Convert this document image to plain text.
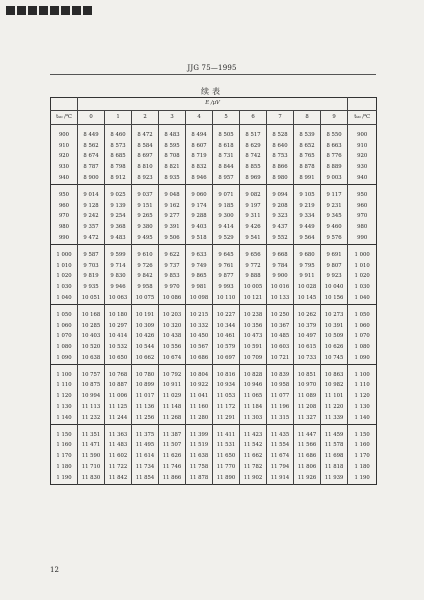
JJG 75—1995
续表
	E /μV										
t₉₀ /℃	0	1	2	3	4	5	6	7	8	9	t₉₀ /℃

900	8 449	8 460	8 472	8 483	8 494	8 505	8 517	8 528	8 539	8 550	900
910	8 562	8 573	8 584	8 595	8 607	8 618	8 629	8 640	8 652	8 663	910
920	8 674	8 685	8 697	8 708	8 719	8 731	8 742	8 753	8 765	8 776	920
930	8 787	8 798	8 810	8 821	8 832	8 844	8 855	8 866	8 878	8 889	930
940	8 900	8 912	8 923	8 935	8 946	8 957	8 969	8 980	8 991	9 003	940

950	9 014	9 025	9 037	9 048	9 060	9 071	9 082	9 094	9 105	9 117	950
960	9 128	9 139	9 151	9 162	9 174	9 185	9 197	9 208	9 219	9 231	960
970	9 242	9 254	9 265	9 277	9 288	9 300	9 311	9 323	9 334	9 345	970
980	9 357	9 368	9 380	9 391	9 403	9 414	9 426	9 437	9 449	9 460	980
990	9 472	9 483	9 495	9 506	9 518	9 529	9 541	9 552	9 564	9 576	990

1 000	9 587	9 599	9 610	9 622	9 633	9 645	9 656	9 668	9 680	9 691	1 000
1 010	9 703	9 714	9 726	9 737	9 749	9 761	9 772	9 784	9 795	9 807	1 010
1 020	9 819	9 830	9 842	9 853	9 865	9 877	9 888	9 900	9 911	9 923	1 020
1 030	9 935	9 946	9 958	9 970	9 981	9 993	10 005	10 016	10 028	10 040	1 030
1 040	10 051	10 063	10 075	10 086	10 098	10 110	10 121	10 133	10 145	10 156	1 040

1 050	10 168	10 180	10 191	10 203	10 215	10 227	10 238	10 250	10 262	10 273	1 050
1 060	10 285	10 297	10 309	10 320	10 332	10 344	10 356	10 367	10 379	10 391	1 060
1 070	10 403	10 414	10 426	10 438	10 450	10 461	10 473	10 485	10 497	10 509	1 070
1 080	10 520	10 532	10 544	10 556	10 567	10 579	10 591	10 603	10 615	10 626	1 080
1 090	10 638	10 650	10 662	10 674	10 686	10 697	10 709	10 721	10 733	10 745	1 090

1 100	10 757	10 768	10 780	10 792	10 804	10 816	10 828	10 839	10 851	10 863	1 100
1 110	10 875	10 887	10 899	10 911	10 922	10 934	10 946	10 958	10 970	10 982	1 110
1 120	10 994	11 006	11 017	11 029	11 041	11 053	11 065	11 077	11 089	11 101	1 120
1 130	11 113	11 125	11 136	11 148	11 160	11 172	11 184	11 196	11 208	11 220	1 130
1 140	11 232	11 244	11 256	11 268	11 280	11 291	11 303	11 315	11 327	11 339	1 140

1 150	11 351	11 363	11 375	11 387	11 399	11 411	11 423	11 435	11 447	11 459	1 150
1 160	11 471	11 483	11 495	11 507	11 519	11 531	11 542	11 554	11 566	11 578	1 160
1 170	11 590	11 602	11 614	11 626	11 638	11 650	11 662	11 674	11 686	11 698	1 170
1 180	11 710	11 722	11 734	11 746	11 758	11 770	11 782	11 794	11 806	11 818	1 180
1 190	11 830	11 842	11 854	11 866	11 878	11 890	11 902	11 914	11 926	11 939	1 190
12
